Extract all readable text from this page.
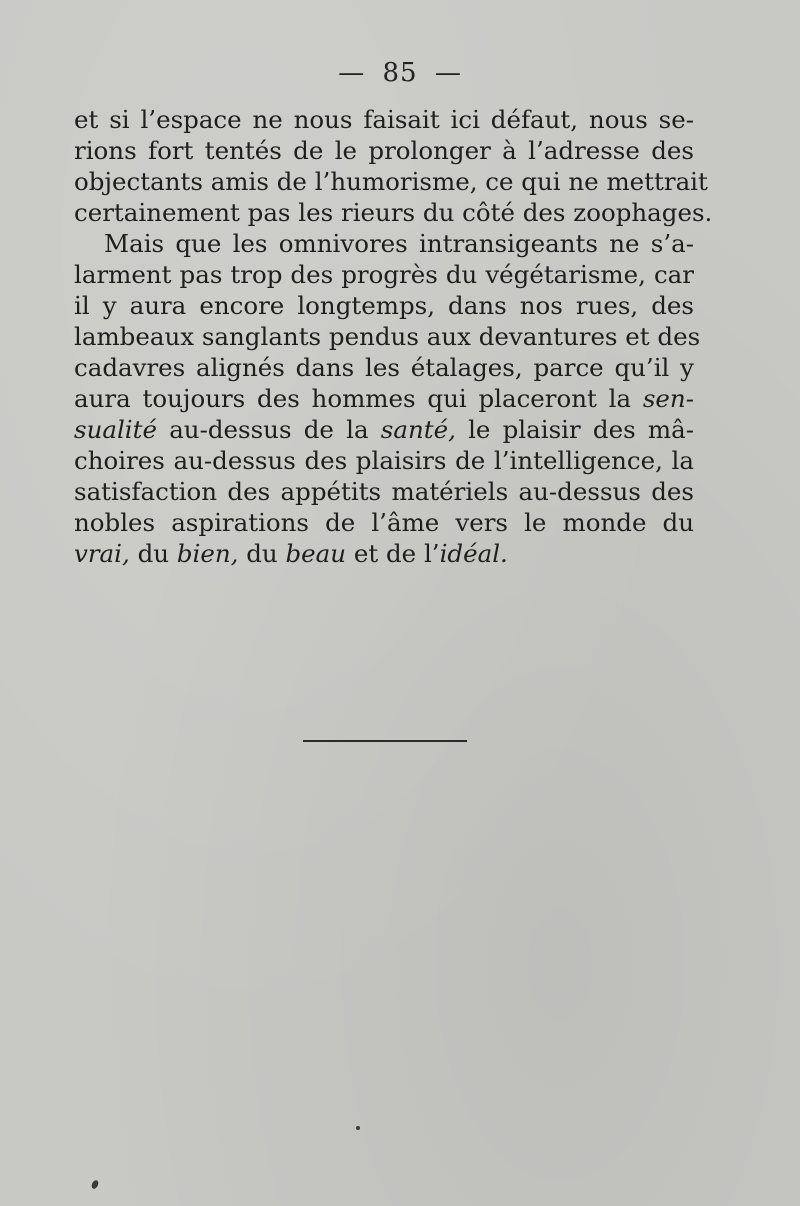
— 85 —
et si l’espace ne nous faisait ici défaut, nous se-
rions fort tentés de le prolonger à l’adresse des
objectants amis de l’humorisme, ce qui ne mettrait
certainement pas les rieurs du côté des zoophages.
Mais que les omnivores intransigeants ne s’a-
larment pas trop des progrès du végétarisme, car
il y aura encore longtemps, dans nos rues, des
lambeaux sanglants pendus aux devantures et des
cadavres alignés dans les étalages, parce qu’il y
aura toujours des hommes qui placeront la sen-
sualité au-dessus de la santé, le plaisir des mâ-
choires au-dessus des plaisirs de l’intelligence, la
satisfaction des appétits matériels au-dessus des
nobles aspirations de l’âme vers le monde du
vrai, du bien, du beau et de l’idéal.
